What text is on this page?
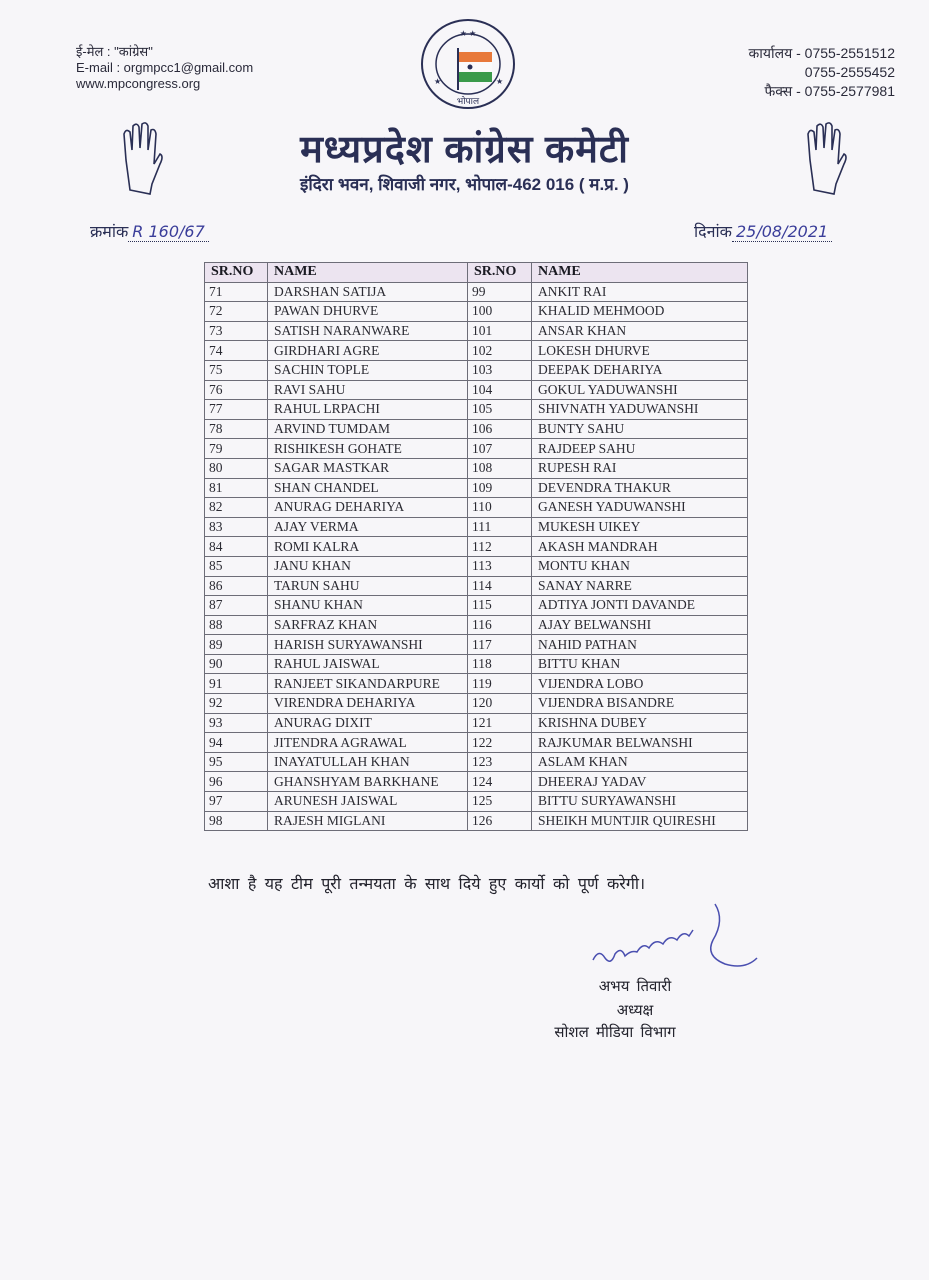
ई-मेल : "कांग्रेस"
E-mail : orgmpcc1@gmail.com
www.mpcongress.org
कार्यालय - 0755-2551512
0755-2555452
फैक्स - 0755-2577981
★ ★
★	★
भोपाल
मध्यप्रदेश कांग्रेस कमेटी
इंदिरा भवन, शिवाजी नगर, भोपाल-462 016 ( म.प्र. )
क्रमांक R 160/67	दिनांक 25/08/2021
SR.NO	NAME	SR.NO	NAME
71	DARSHAN SATIJA	99	ANKIT RAI
72	PAWAN DHURVE	100	KHALID MEHMOOD
73	SATISH NARANWARE	101	ANSAR KHAN
74	GIRDHARI AGRE	102	LOKESH DHURVE
75	SACHIN TOPLE	103	DEEPAK DEHARIYA
76	RAVI SAHU	104	GOKUL YADUWANSHI
77	RAHUL LRPACHI	105	SHIVNATH YADUWANSHI
78	ARVIND TUMDAM	106	BUNTY SAHU
79	RISHIKESH GOHATE	107	RAJDEEP SAHU
80	SAGAR MASTKAR	108	RUPESH RAI
81	SHAN CHANDEL	109	DEVENDRA THAKUR
82	ANURAG DEHARIYA	110	GANESH YADUWANSHI
83	AJAY VERMA	111	MUKESH UIKEY
84	ROMI KALRA	112	AKASH MANDRAH
85	JANU KHAN	113	MONTU KHAN
86	TARUN SAHU	114	SANAY NARRE
87	SHANU KHAN	115	ADTIYA JONTI DAVANDE
88	SARFRAZ KHAN	116	AJAY BELWANSHI
89	HARISH SURYAWANSHI	117	NAHID PATHAN
90	RAHUL JAISWAL	118	BITTU KHAN
91	RANJEET SIKANDARPURE	119	VIJENDRA LOBO
92	VIRENDRA DEHARIYA	120	VIJENDRA BISANDRE
93	ANURAG DIXIT	121	KRISHNA DUBEY
94	JITENDRA AGRAWAL	122	RAJKUMAR BELWANSHI
95	INAYATULLAH KHAN	123	ASLAM KHAN
96	GHANSHYAM BARKHANE	124	DHEERAJ YADAV
97	ARUNESH JAISWAL	125	BITTU SURYAWANSHI
98	RAJESH MIGLANI	126	SHEIKH MUNTJIR QUIRESHI
आशा है यह टीम पूरी तन्मयता के साथ दिये हुए कार्यो को पूर्ण करेगी।
अभय तिवारी
अध्यक्ष
सोशल मीडिया विभाग
